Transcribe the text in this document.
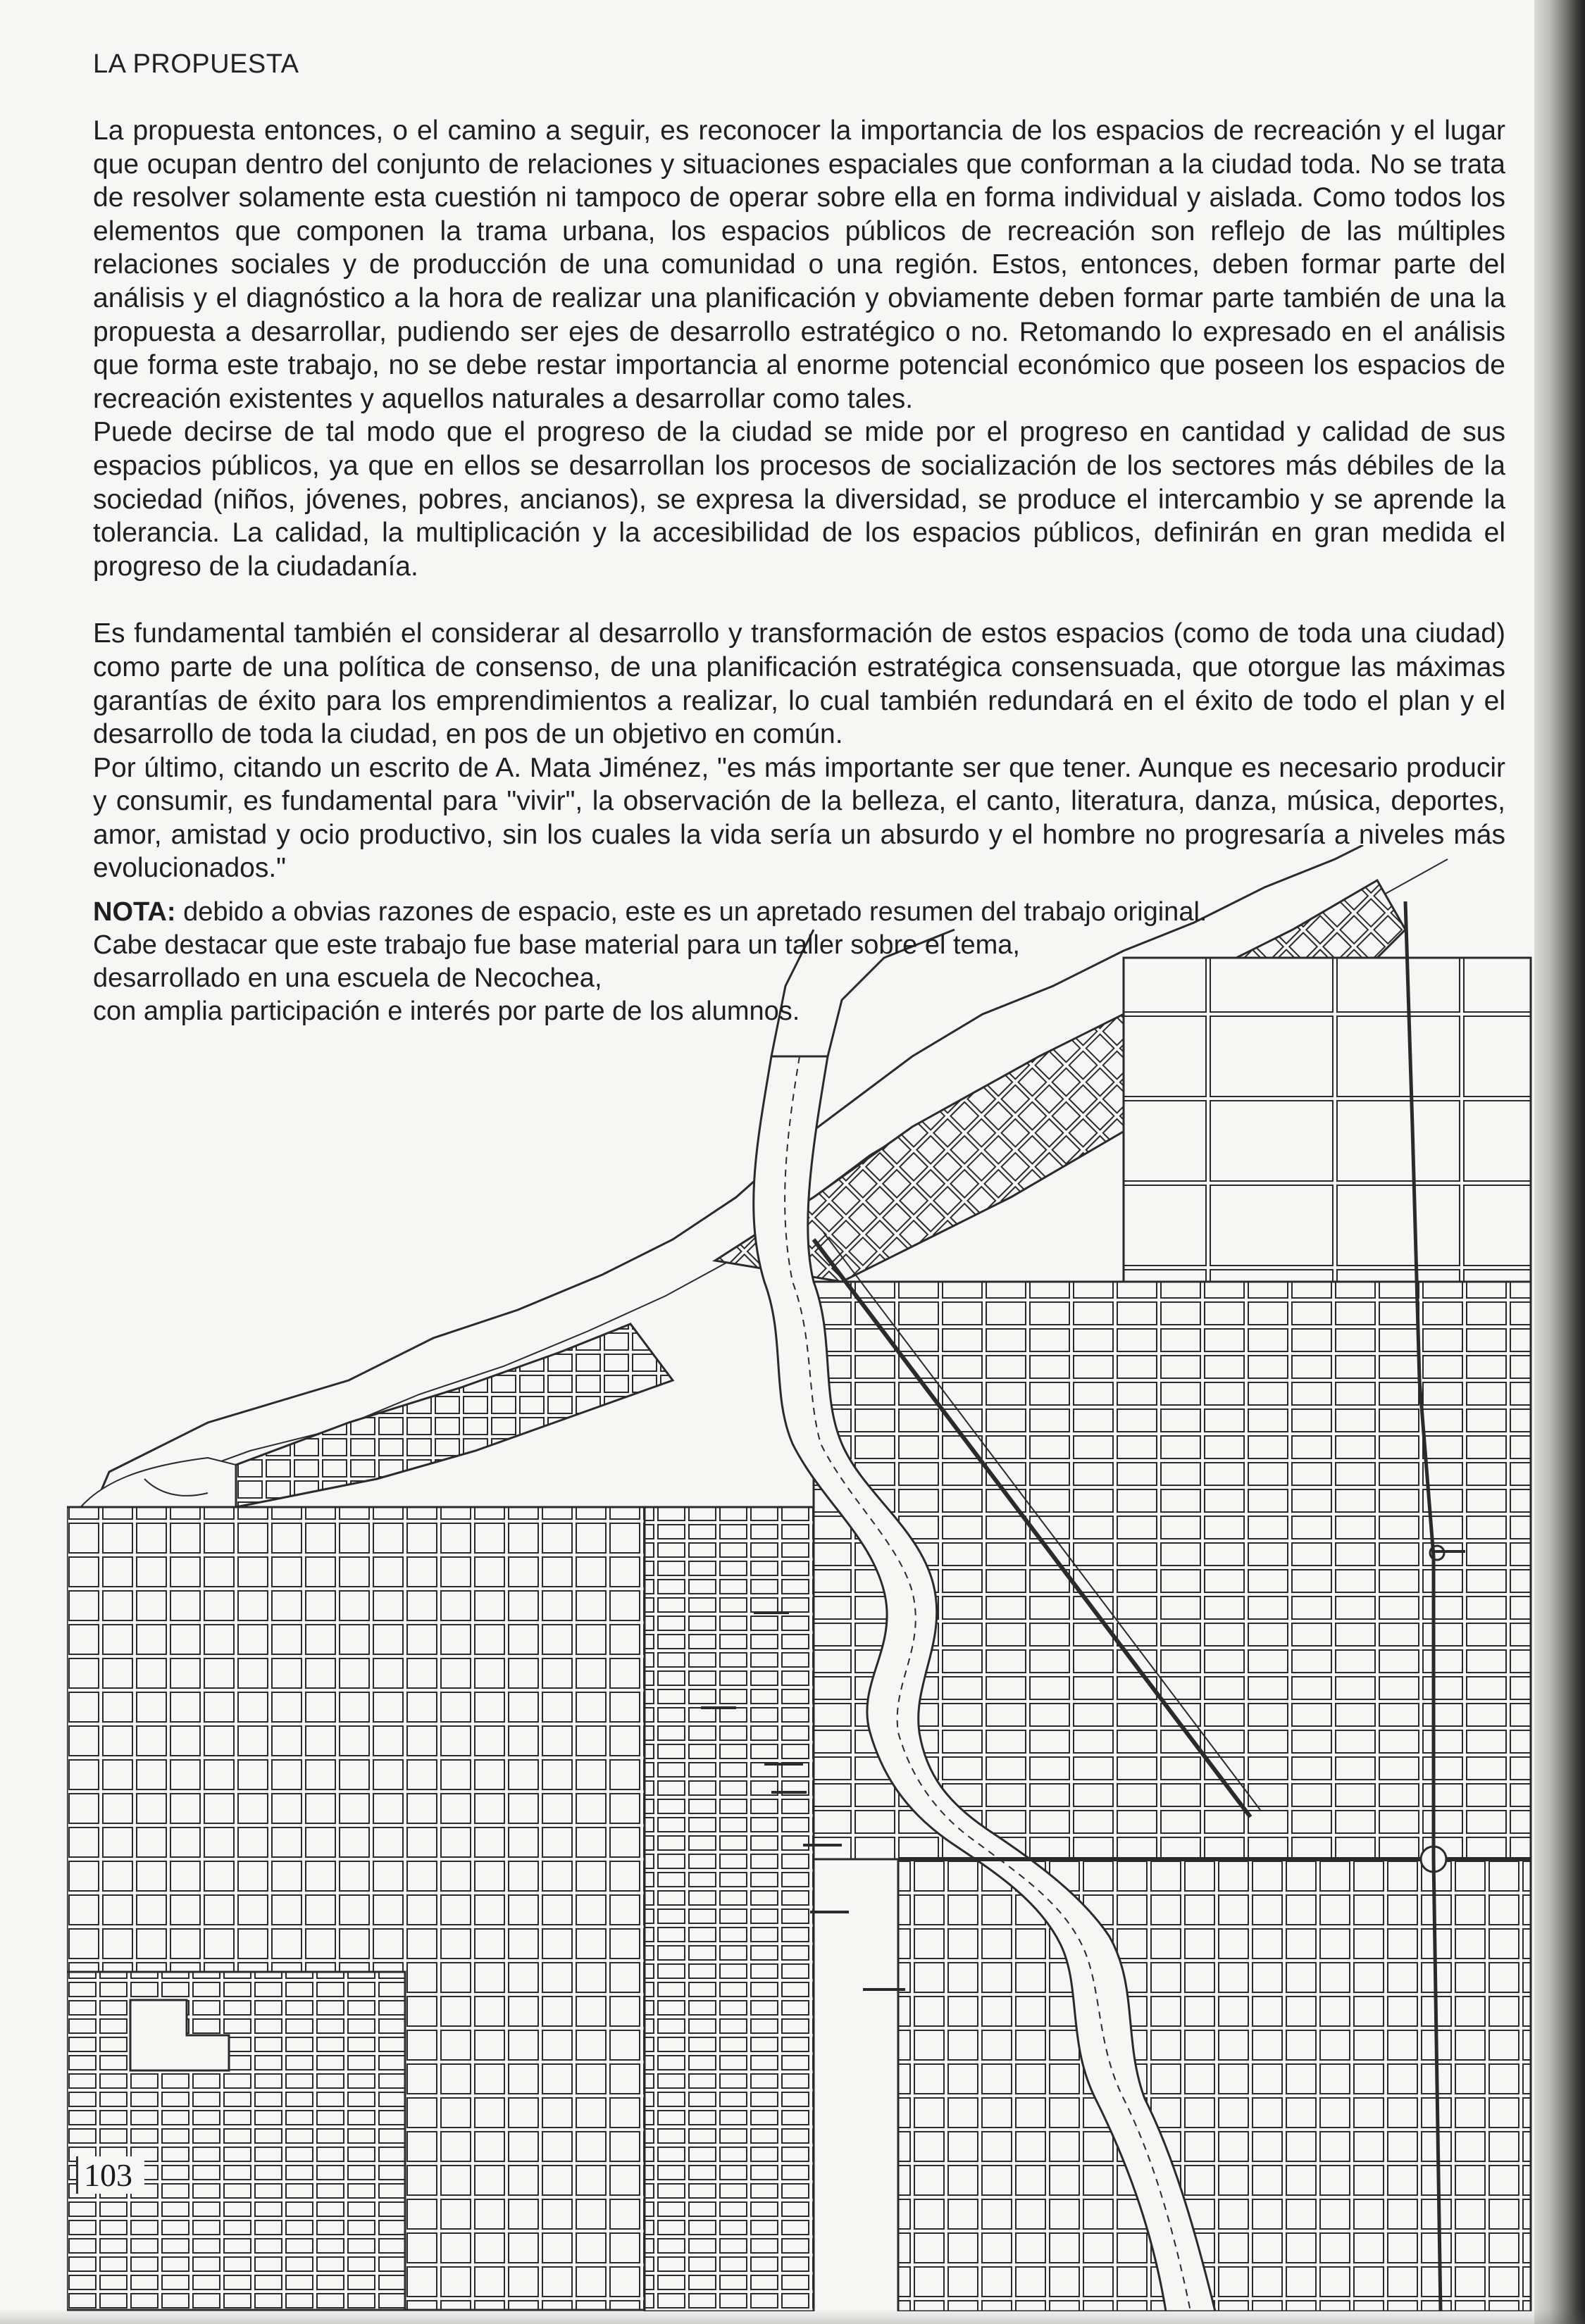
LA PROPUESTA

La propuesta entonces, o el camino a seguir, es reconocer la importancia de los espacios de recreación y el lugar que ocupan dentro del conjunto de relaciones y situaciones espaciales que conforman a la ciudad toda. No se trata de resolver solamente esta cuestión ni tampoco de operar sobre ella en forma individual y aislada. Como todos los elementos que componen la trama urbana, los espacios públicos de recreación son reflejo de las múltiples relaciones sociales y de producción de una comunidad o una región. Estos, entonces, deben formar parte del análisis y el diagnóstico a la hora de realizar una planificación y obviamente deben formar parte también de una la propuesta a desarrollar, pudiendo ser ejes de desarrollo estratégico o no. Retomando lo expresado en el análisis que forma este trabajo, no se debe restar importancia al enorme potencial económico que poseen los espacios de recreación existentes y aquellos naturales a desarrollar como tales.

Puede decirse de tal modo que el progreso de la ciudad se mide por el progreso en cantidad y calidad de sus espacios públicos, ya que en ellos se desarrollan los procesos de socialización de los sectores más débiles de la sociedad (niños, jóvenes, pobres, ancianos), se expresa la diversidad, se produce el intercambio y se aprende la tolerancia. La calidad, la multiplicación y la accesibilidad de los espacios públicos, definirán en gran medida el progreso de la ciudadanía.

Es fundamental también el considerar al desarrollo y transformación de estos espacios (como de toda una ciudad) como parte de una política de consenso, de una planificación estratégica consensuada, que otorgue las máximas garantías de éxito para los emprendimientos a realizar, lo cual también redundará en el éxito de todo el plan y el desarrollo de toda la ciudad, en pos de un objetivo en común.

Por último, citando un escrito de A. Mata Jiménez, "es más importante ser que tener. Aunque es necesario producir y consumir, es fundamental para "vivir", la observación de la belleza, el canto, literatura, danza, música, deportes, amor, amistad y ocio productivo, sin los cuales la vida sería un absurdo y el hombre no progresaría a niveles más evolucionados."

NOTA: debido a obvias razones de espacio, este es un apretado resumen del trabajo original.
Cabe destacar que este trabajo fue base material para un taller sobre el tema,
desarrollado en una escuela de Necochea,
con amplia participación e interés por parte de los alumnos.
103
